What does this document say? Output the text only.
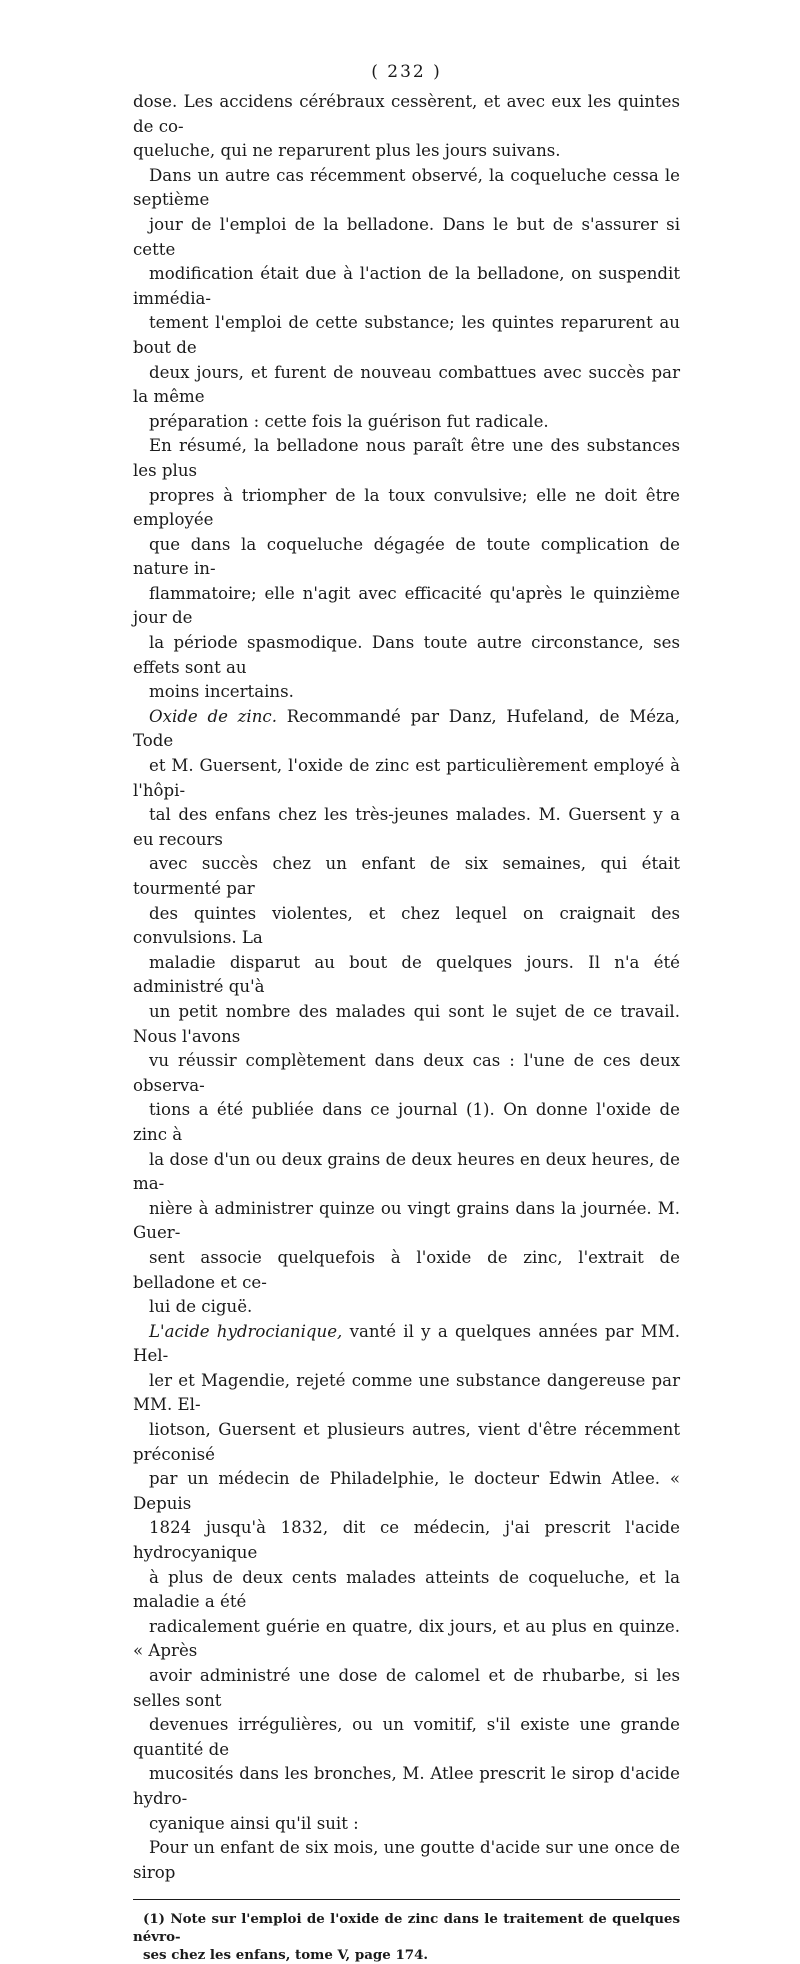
( 232 )

dose. Les accidens cérébraux cessèrent, et avec eux les quintes de co-
queluche, qui ne reparurent plus les jours suivans.

Dans un autre cas récemment observé, la coqueluche cessa le septième
jour de l'emploi de la belladone. Dans le but de s'assurer si cette
modification était due à l'action de la belladone, on suspendit immédia-
tement l'emploi de cette substance; les quintes reparurent au bout de
deux jours, et furent de nouveau combattues avec succès par la même
préparation : cette fois la guérison fut radicale.

En résumé, la belladone nous paraît être une des substances les plus
propres à triompher de la toux convulsive; elle ne doit être employée
que dans la coqueluche dégagée de toute complication de nature in-
flammatoire; elle n'agit avec efficacité qu'après le quinzième jour de
la période spasmodique. Dans toute autre circonstance, ses effets sont au
moins incertains.

Oxide de zinc. Recommandé par Danz, Hufeland, de Méza, Tode
et M. Guersent, l'oxide de zinc est particulièrement employé à l'hôpi-
tal des enfans chez les très-jeunes malades. M. Guersent y a eu recours
avec succès chez un enfant de six semaines, qui était tourmenté par
des quintes violentes, et chez lequel on craignait des convulsions. La
maladie disparut au bout de quelques jours. Il n'a été administré qu'à
un petit nombre des malades qui sont le sujet de ce travail. Nous l'avons
vu réussir complètement dans deux cas : l'une de ces deux observa-
tions a été publiée dans ce journal (1). On donne l'oxide de zinc à
la dose d'un ou deux grains de deux heures en deux heures, de ma-
nière à administrer quinze ou vingt grains dans la journée. M. Guer-
sent associe quelquefois à l'oxide de zinc, l'extrait de belladone et ce-
lui de ciguë.

L'acide hydrocianique, vanté il y a quelques années par MM. Hel-
ler et Magendie, rejeté comme une substance dangereuse par MM. El-
liotson, Guersent et plusieurs autres, vient d'être récemment préconisé
par un médecin de Philadelphie, le docteur Edwin Atlee. « Depuis
1824 jusqu'à 1832, dit ce médecin, j'ai prescrit l'acide hydrocyanique
à plus de deux cents malades atteints de coqueluche, et la maladie a été
radicalement guérie en quatre, dix jours, et au plus en quinze. « Après
avoir administré une dose de calomel et de rhubarbe, si les selles sont
devenues irrégulières, ou un vomitif, s'il existe une grande quantité de
mucosités dans les bronches, M. Atlee prescrit le sirop d'acide hydro-
cyanique ainsi qu'il suit :

Pour un enfant de six mois, une goutte d'acide sur une once de sirop

(1) Note sur l'emploi de l'oxide de zinc dans le traitement de quelques névro-
ses chez les enfans, tome V, page 174.
